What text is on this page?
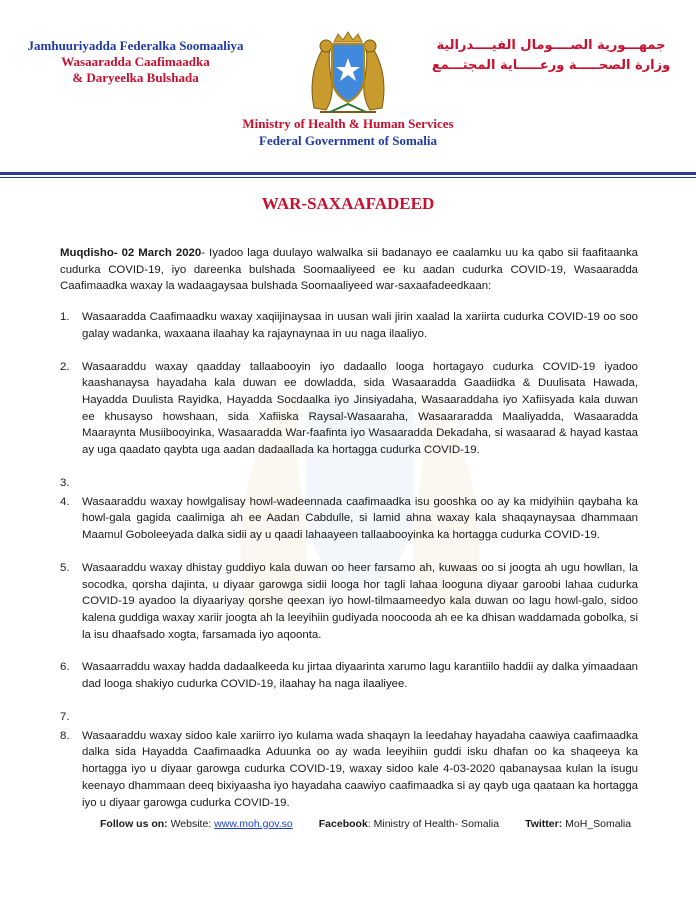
Jamhuuriyadda Federalka Soomaaliya
Wasaaradda Caafimaadka
& Daryeelka Bulshada
جمهـــورية الصــــومال الفيــــدرالية
وزارة الصحـــــة ورعـــــاية المجتـــمع
Ministry of Health & Human Services
Federal Government of Somalia
WAR-SAXAAFADEED

Muqdisho- 02 March 2020- Iyadoo laga duulayo walwalka sii badanayo ee caalamku uu ka qabo sii faafitaanka cudurka COVID-19, iyo dareenka bulshada Soomaaliyeed ee ku aadan cudurka COVID-19, Wasaaradda Caafimaadka waxay la wadaagaysaa bulshada Soomaaliyeed war-saxaafadeedkaan:

1. Wasaaradda Caafimaadku waxay xaqiijinaysaa in uusan wali jirin xaalad la xariirta cudurka COVID-19 oo soo galay wadanka, waxaana ilaahay ka rajaynaynaa in uu naga ilaaliyo.
2. Wasaaraddu waxay qaadday tallaabooyin iyo dadaallo looga hortagayo cudurka COVID-19 iyadoo kaashanaysa hayadaha kala duwan ee dowladda, sida Wasaaradda Gaadiidka & Duulisata Hawada, Hayadda Duulista Rayidka, Hayadda Socdaalka iyo Jinsiyadaha, Wasaaraddaha iyo Xafiisyada kala duwan ee khusayso howshaan, sida Xafiiska Raysal-Wasaaraha, Wasaararadda Maaliyadda, Wasaaradda Maaraynta Musiibooyinka, Wasaaradda War-faafinta iyo Wasaaradda Dekadaha, si wasaarad & hayad kastaa ay uga qaadato qaybta uga aadan dadaallada ka hortagga cudurka COVID-19.
3.
4. Wasaaraddu waxay howlgalisay howl-wadeennada caafimaadka isu gooshka oo ay ka midyihiin qaybaha ka howl-gala gagida caalimiga ah ee Aadan Cabdulle, si lamid ahna waxay kala shaqaynaysaa dhammaan Maamul Goboleeyada dalka sidii ay u qaadi lahaayeen tallaabooyinka ka hortagga cudurka COVID-19.
5. Wasaaraddu waxay dhistay guddiyo kala duwan oo heer farsamo ah, kuwaas oo si joogta ah ugu howllan, la socodka, qorsha dajinta, u diyaar garowga sidii looga hor tagli lahaa looguna diyaar garoobi lahaa cudurka COVID-19 ayadoo la diyaariyay qorshe qeexan iyo howl-tilmaameedyo kala duwan oo lagu howl-galo, sidoo kalena guddiga waxay xariir joogta ah la leeyihiin gudiyada noocooda ah ee ka dhisan waddamada gobolka, si la isu dhaafsado xogta, farsamada iyo aqoonta.
6. Wasaarraddu waxay hadda dadaalkeeda ku jirtaa diyaarinta xarumo lagu karantiilo haddii ay dalka yimaadaan dad looga shakiyo cudurka COVID-19, ilaahay ha naga ilaaliyee.
7.
8. Wasaaraddu waxay sidoo kale xariirro iyo kulama wada shaqayn la leedahay hayadaha caawiya caafimaadka dalka sida Hayadda Caafimaadka Aduunka oo ay wada leeyihiin guddi isku dhafan oo ka shaqeeya ka hortagga iyo u diyaar garowga cudurka COVID-19, waxay sidoo kale 4-03-2020 qabanaysaa kulan la isugu keenayo dhammaan deeq bixiyaasha iyo hayadaha caawiyo caafimaadka si ay qayb uga qaataan ka hortagga iyo u diyaar garowga cudurka COVID-19.
Follow us on: Website: www.moh.gov.so Facebook: Ministry of Health- Somalia Twitter: MoH_Somalia
